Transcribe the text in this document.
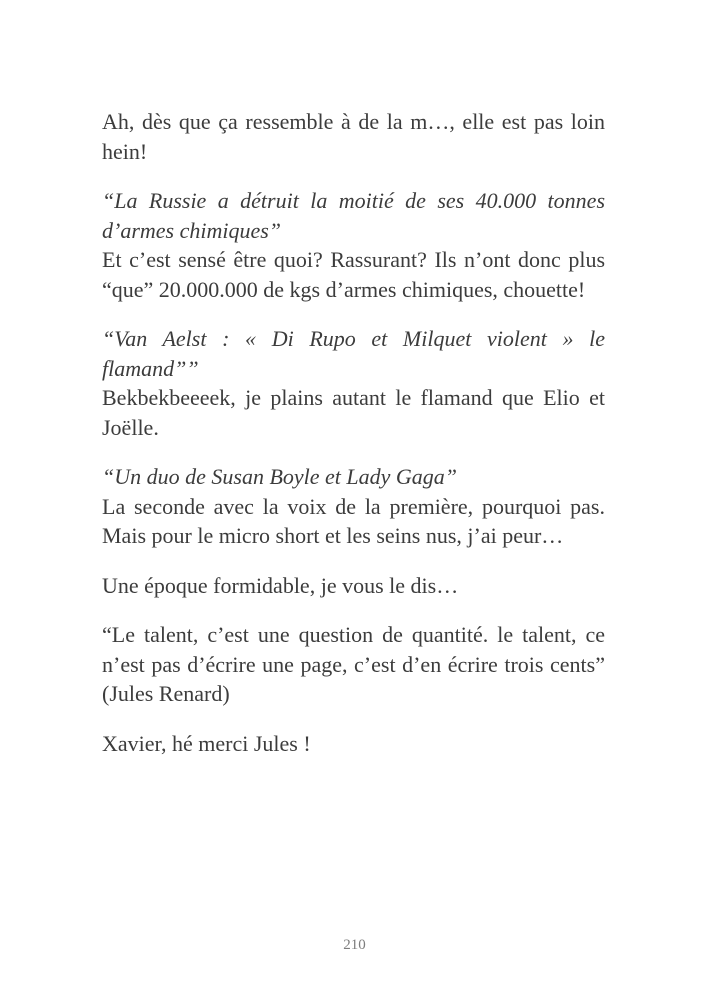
Ah, dès que ça ressemble à de la m…, elle est pas loin hein!

“La Russie a détruit la moitié de ses 40.000 tonnes d’armes chimiques”

Et c’est sensé être quoi? Rassurant? Ils n’ont donc plus “que” 20.000.000 de kgs d’armes chimiques, chouette!

“Van Aelst : « Di Rupo et Milquet violent » le flamand””

Bekbekbeeeek, je plains autant le flamand que Elio et Joëlle.

“Un duo de Susan Boyle et Lady Gaga”

La seconde avec la voix de la première, pourquoi pas. Mais pour le micro short et les seins nus, j’ai peur…

Une époque formidable, je vous le dis…

“Le talent, c’est une question de quantité. le talent, ce n’est pas d’écrire une page, c’est d’en écrire trois cents” (Jules Renard)

Xavier, hé merci Jules !

210
